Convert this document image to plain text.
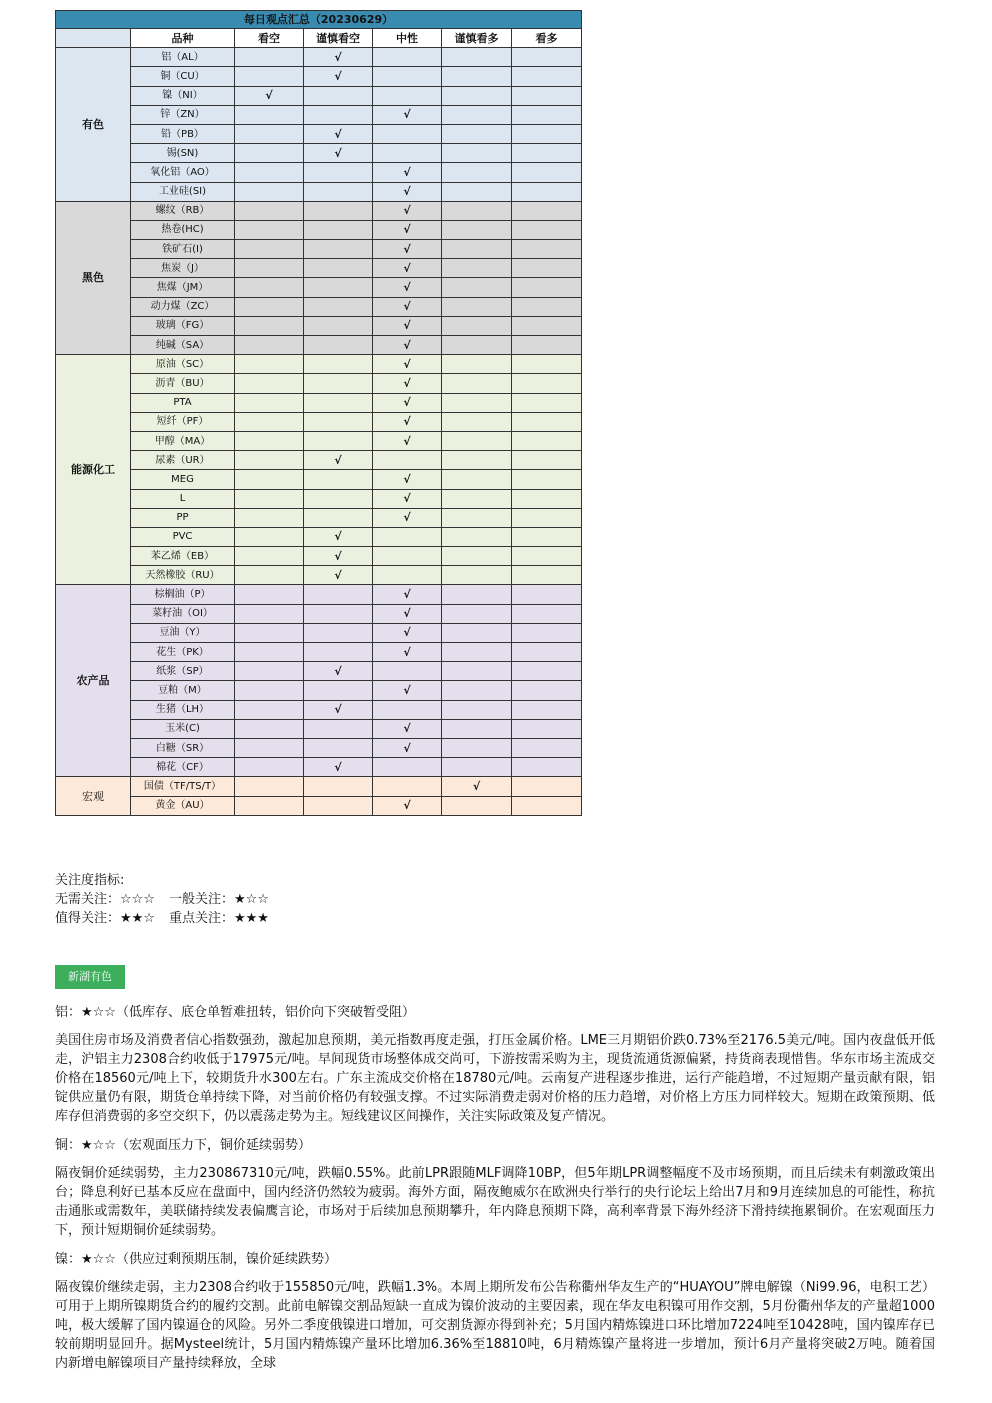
每日观点汇总（20230629）						
	品种	看空	谨慎看空	中性	谨慎看多	看多
有色	铝（AL）		√			
	铜（CU）		√			
	镍（NI）	√				
	锌（ZN）			√		
	铅（PB）		√			
	锡(SN)		√			
	氧化铝（AO）			√		
	工业硅(SI)			√		
黑色	螺纹（RB）			√		
	热卷(HC)			√		
	铁矿石(I)			√		
	焦炭（J）			√		
	焦煤（JM）			√		
	动力煤（ZC）			√		
	玻璃（FG）			√		
	纯碱（SA）			√		
能源化工	原油（SC）			√		
	沥青（BU）			√		
	PTA			√		
	短纤（PF）			√		
	甲醇（MA）			√		
	尿素（UR）		√			
	MEG			√		
	L			√		
	PP			√		
	PVC		√			
	苯乙烯（EB）		√			
	天然橡胶（RU）		√			
农产品	棕榈油（P）			√		
	菜籽油（OI）			√		
	豆油（Y）			√		
	花生（PK）			√		
	纸浆（SP）		√			
	豆粕（M）			√		
	生猪（LH）		√			
	玉米(C)			√		
	白糖（SR）			√		
	棉花（CF）		√			
宏观	国债（TF/TS/T）				√	
	黄金（AU）			√		
关注度指标:
无需关注：☆☆☆ 一般关注：★☆☆
值得关注：★★☆ 重点关注：★★★
新湖有色
铝：★☆☆（低库存、底仓单暂难扭转，铝价向下突破暂受阻）

美国住房市场及消费者信心指数强劲，激起加息预期，美元指数再度走强，打压金属价格。LME三月期铝价跌0.73%至2176.5美元/吨。国内夜盘低开低走，沪铝主力2308合约收低于17975元/吨。早间现货市场整体成交尚可，下游按需采购为主，现货流通货源偏紧，持货商表现惜售。华东市场主流成交价格在18560元/吨上下，较期货升水300左右。广东主流成交价格在18780元/吨。云南复产进程逐步推进，运行产能趋增，不过短期产量贡献有限，铝锭供应量仍有限，期货仓单持续下降，对当前价格仍有较强支撑。不过实际消费走弱对价格的压力趋增，对价格上方压力同样较大。短期在政策预期、低库存但消费弱的多空交织下，仍以震荡走势为主。短线建议区间操作，关注实际政策及复产情况。

铜：★☆☆（宏观面压力下，铜价延续弱势）

隔夜铜价延续弱势，主力230867310元/吨，跌幅0.55%。此前LPR跟随MLF调降10BP，但5年期LPR调整幅度不及市场预期，而且后续未有刺激政策出台；降息利好已基本反应在盘面中，国内经济仍然较为疲弱。海外方面，隔夜鲍威尔在欧洲央行举行的央行论坛上给出7月和9月连续加息的可能性，称抗击通胀或需数年，美联储持续发表偏鹰言论，市场对于后续加息预期攀升，年内降息预期下降，高利率背景下海外经济下滑持续拖累铜价。在宏观面压力下，预计短期铜价延续弱势。

镍：★☆☆（供应过剩预期压制，镍价延续跌势）

隔夜镍价继续走弱，主力2308合约收于155850元/吨，跌幅1.3%。本周上期所发布公告称衢州华友生产的“HUAYOU”牌电解镍（Ni99.96，电积工艺）可用于上期所镍期货合约的履约交割。此前电解镍交割品短缺一直成为镍价波动的主要因素，现在华友电积镍可用作交割，5月份衢州华友的产量超1000吨，极大缓解了国内镍逼仓的风险。另外二季度俄镍进口增加，可交割货源亦得到补充；5月国内精炼镍进口环比增加7224吨至10428吨，国内镍库存已较前期明显回升。据Mysteel统计，5月国内精炼镍产量环比增加6.36%至18810吨，6月精炼镍产量将进一步增加，预计6月产量将突破2万吨。随着国内新增电解镍项目产量持续释放，全球
